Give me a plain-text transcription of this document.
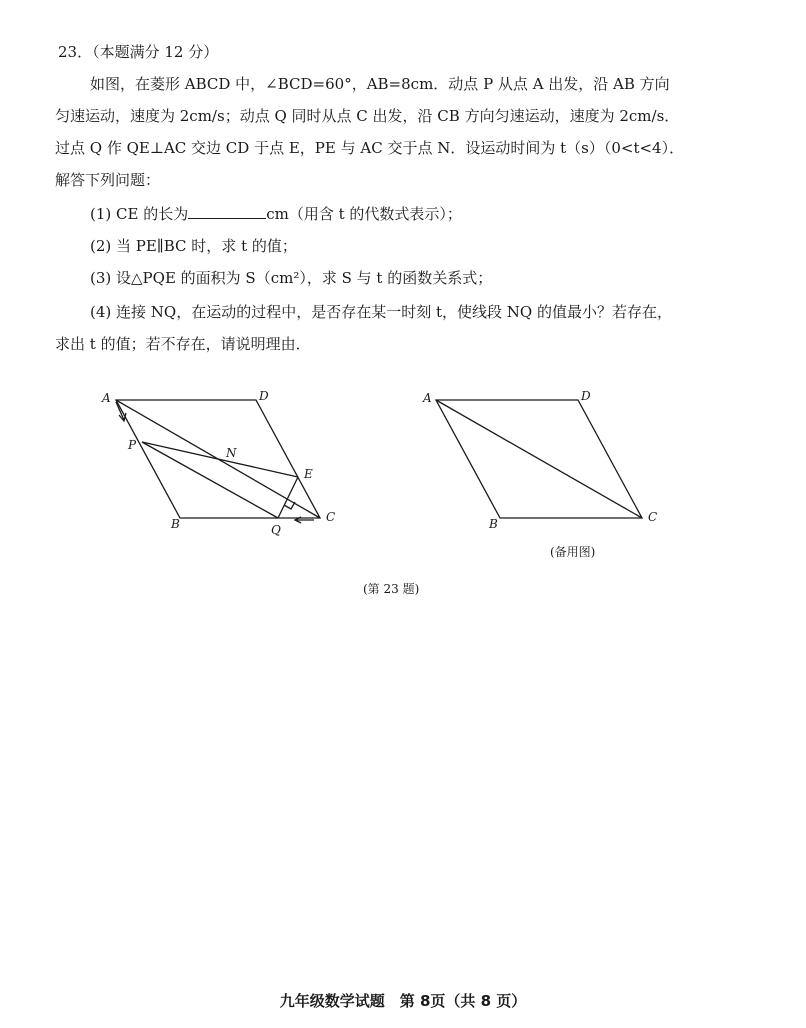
23．（本题满分 12 分）
如图，在菱形 ABCD 中，∠BCD=60°，AB=8cm．动点 P 从点 A 出发，沿 AB 方向
匀速运动，速度为 2cm/s；动点 Q 同时从点 C 出发，沿 CB 方向匀速运动，速度为 2cm/s．
过点 Q 作 QE⊥AC 交边 CD 于点 E，PE 与 AC 交于点 N．设运动时间为 t（s）（0<t<4）．
解答下列问题：
(1) CE 的长为	cm（用含 t 的代数式表示）；
(2) 当 PE∥BC 时，求 t 的值；
(3) 设△PQE 的面积为 S（cm²），求 S 与 t 的函数关系式；
(4) 连接 NQ，在运动的过程中，是否存在某一时刻 t，使线段 NQ 的值最小？若存在，
求出 t 的值；若不存在，请说明理由．
A	D
P
N
E
B	Q
C
A	D
B	C
(备用图)
(第 23 题)
九年级数学试题　第 8页（共 8 页）
